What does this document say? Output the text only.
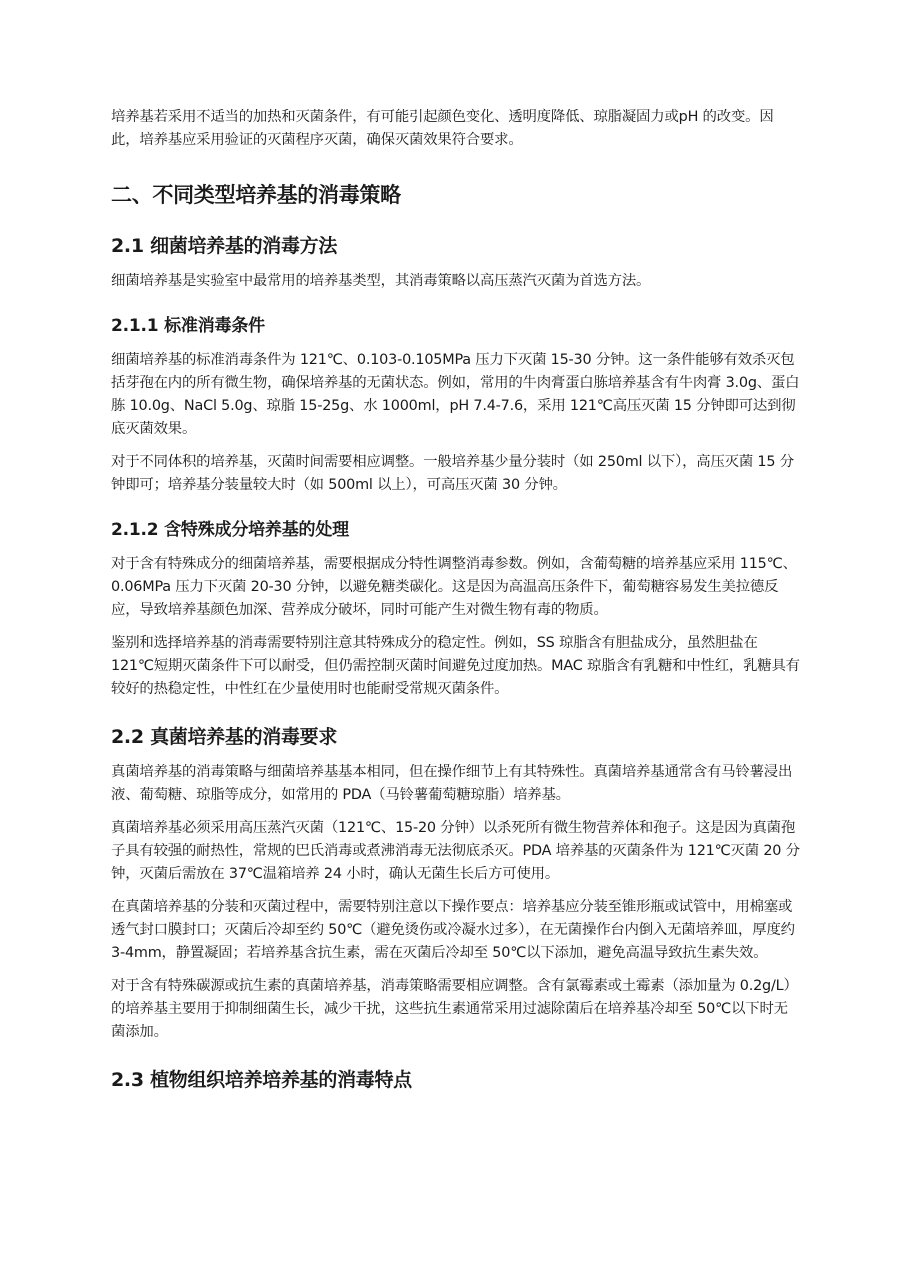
培养基若采用不适当的加热和灭菌条件，有可能引起颜色变化、透明度降低、琼脂凝固力或pH 的改变。因此，培养基应采用验证的灭菌程序灭菌，确保灭菌效果符合要求。

二、不同类型培养基的消毒策略
2.1 细菌培养基的消毒方法

细菌培养基是实验室中最常用的培养基类型，其消毒策略以高压蒸汽灭菌为首选方法。

2.1.1 标准消毒条件

细菌培养基的标准消毒条件为 121℃、0.103-0.105MPa 压力下灭菌 15-30 分钟。这一条件能够有效杀灭包括芽孢在内的所有微生物，确保培养基的无菌状态。例如，常用的牛肉膏蛋白胨培养基含有牛肉膏 3.0g、蛋白胨 10.0g、NaCl 5.0g、琼脂 15-25g、水 1000ml，pH 7.4-7.6，采用 121℃高压灭菌 15 分钟即可达到彻底灭菌效果。

对于不同体积的培养基，灭菌时间需要相应调整。一般培养基少量分装时（如 250ml 以下），高压灭菌 15 分钟即可；培养基分装量较大时（如 500ml 以上），可高压灭菌 30 分钟。

2.1.2 含特殊成分培养基的处理

对于含有特殊成分的细菌培养基，需要根据成分特性调整消毒参数。例如，含葡萄糖的培养基应采用 115℃、0.06MPa 压力下灭菌 20-30 分钟，以避免糖类碳化。这是因为高温高压条件下，葡萄糖容易发生美拉德反应，导致培养基颜色加深、营养成分破坏，同时可能产生对微生物有毒的物质。

鉴别和选择培养基的消毒需要特别注意其特殊成分的稳定性。例如，SS 琼脂含有胆盐成分，虽然胆盐在 121℃短期灭菌条件下可以耐受，但仍需控制灭菌时间避免过度加热。MAC 琼脂含有乳糖和中性红，乳糖具有较好的热稳定性，中性红在少量使用时也能耐受常规灭菌条件。

2.2 真菌培养基的消毒要求

真菌培养基的消毒策略与细菌培养基基本相同，但在操作细节上有其特殊性。真菌培养基通常含有马铃薯浸出液、葡萄糖、琼脂等成分，如常用的 PDA（马铃薯葡萄糖琼脂）培养基。

真菌培养基必须采用高压蒸汽灭菌（121℃、15-20 分钟）以杀死所有微生物营养体和孢子。这是因为真菌孢子具有较强的耐热性，常规的巴氏消毒或煮沸消毒无法彻底杀灭。PDA 培养基的灭菌条件为 121℃灭菌 20 分钟，灭菌后需放在 37℃温箱培养 24 小时，确认无菌生长后方可使用。

在真菌培养基的分装和灭菌过程中，需要特别注意以下操作要点：培养基应分装至锥形瓶或试管中，用棉塞或透气封口膜封口；灭菌后冷却至约 50℃（避免烫伤或冷凝水过多），在无菌操作台内倒入无菌培养皿，厚度约 3-4mm，静置凝固；若培养基含抗生素，需在灭菌后冷却至 50℃以下添加，避免高温导致抗生素失效。

对于含有特殊碳源或抗生素的真菌培养基，消毒策略需要相应调整。含有氯霉素或土霉素（添加量为 0.2g/L）的培养基主要用于抑制细菌生长，减少干扰，这些抗生素通常采用过滤除菌后在培养基冷却至 50℃以下时无菌添加。

2.3 植物组织培养培养基的消毒特点
